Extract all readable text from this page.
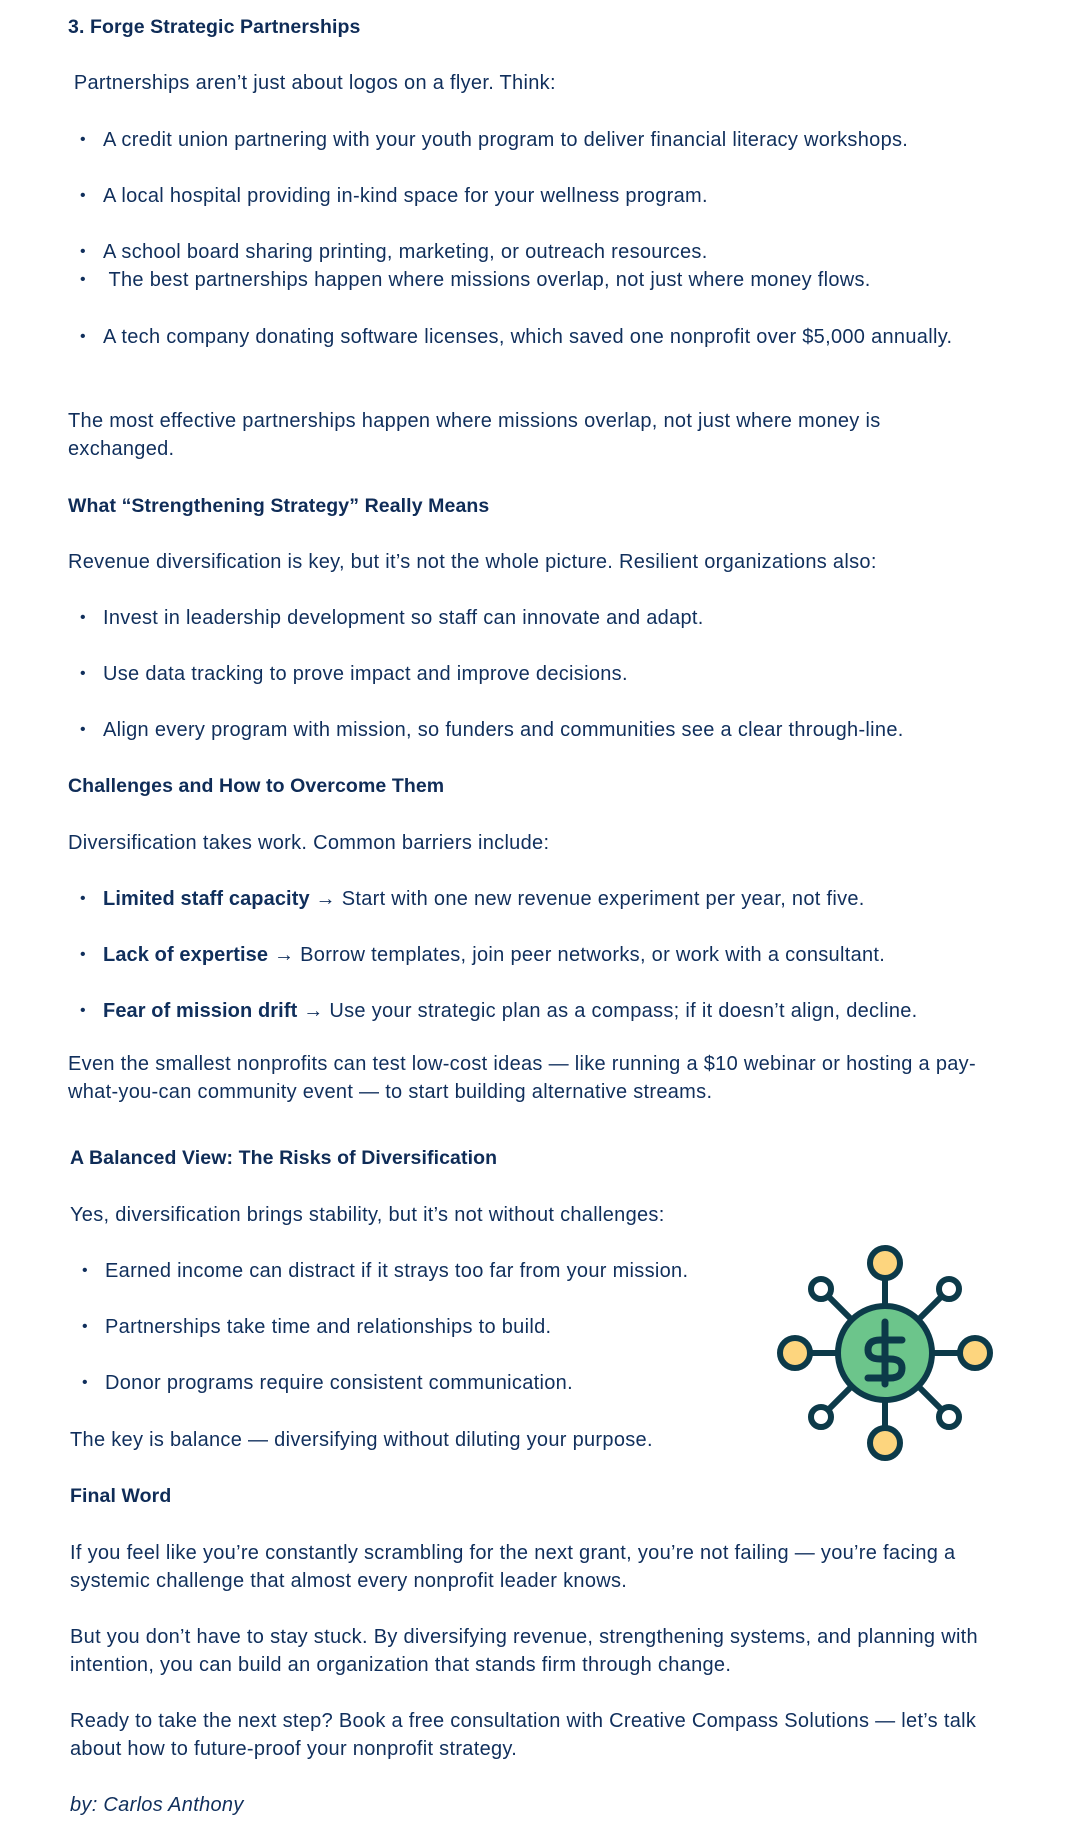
3. Forge Strategic Partnerships

Partnerships aren’t just about logos on a flyer. Think:

• A credit union partnering with your youth program to deliver financial literacy workshops.
• A local hospital providing in-kind space for your wellness program.
• A school board sharing printing, marketing, or outreach resources.
• The best partnerships happen where missions overlap, not just where money flows.
• A tech company donating software licenses, which saved one nonprofit over $5,000 annually.

The most effective partnerships happen where missions overlap, not just where money is exchanged.

What “Strengthening Strategy” Really Means

Revenue diversification is key, but it’s not the whole picture. Resilient organizations also:

• Invest in leadership development so staff can innovate and adapt.
• Use data tracking to prove impact and improve decisions.
• Align every program with mission, so funders and communities see a clear through-line.
Challenges and How to Overcome Them

Diversification takes work. Common barriers include:

• Limited staff capacity → Start with one new revenue experiment per year, not five.
• Lack of expertise → Borrow templates, join peer networks, or work with a consultant.
• Fear of mission drift → Use your strategic plan as a compass; if it doesn’t align, decline.

Even the smallest nonprofits can test low-cost ideas — like running a $10 webinar or hosting a pay-what-you-can community event — to start building alternative streams.

A Balanced View: The Risks of Diversification

Yes, diversification brings stability, but it’s not without challenges:

• Earned income can distract if it strays too far from your mission.
• Partnerships take time and relationships to build.
• Donor programs require consistent communication.

The key is balance — diversifying without diluting your purpose.

Final Word

If you feel like you’re constantly scrambling for the next grant, you’re not failing — you’re facing a systemic challenge that almost every nonprofit leader knows.

But you don’t have to stay stuck. By diversifying revenue, strengthening systems, and planning with intention, you can build an organization that stands firm through change.

Ready to take the next step? Book a free consultation with Creative Compass Solutions — let’s talk about how to future-proof your nonprofit strategy.

by: Carlos Anthony
